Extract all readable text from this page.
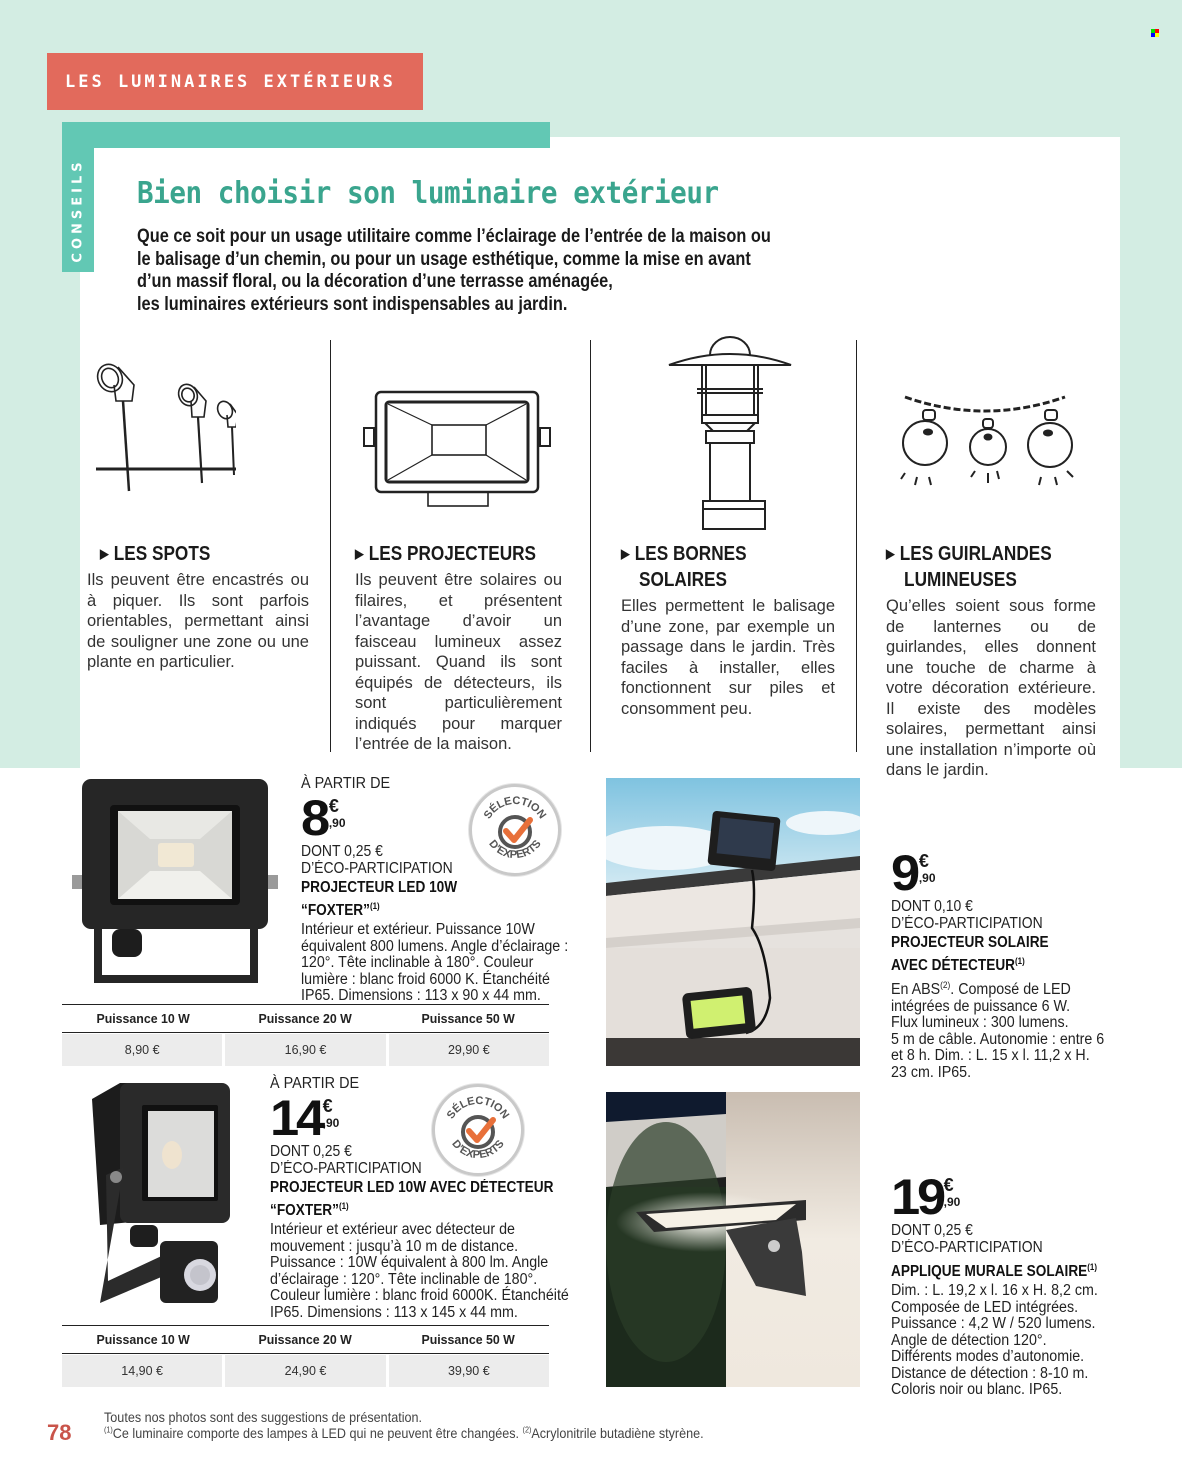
LES LUMINAIRES EXTÉRIEURS
CONSEILS Bien choisir son luminaire extérieur
Que ce soit pour un usage utilitaire comme l’éclairage de l’entrée de la maison ou
le balisage d’un chemin, ou pour un usage esthétique, comme la mise en avant
d’un massif floral, ou la décoration d’une terrasse aménagée,
les luminaires extérieurs sont indispensables au jardin.
▶ LES SPOTS
Ils peuvent être encastrés ou à piquer. Ils sont parfois orientables, permettant ainsi de souligner une zone ou une plante en particulier.
▶ LES PROJECTEURS
Ils peuvent être solaires ou filaires, et présentent l’avantage d’avoir un faisceau lumineux assez puissant. Quand ils sont équipés de détecteurs, ils sont particulièrement indiqués pour marquer l’entrée de la maison.
▶ LES BORNES
SOLAIRES
Elles permettent le balisage d’une zone, par exemple un passage dans le jardin. Très faciles à installer, elles fonctionnent sur piles et consomment peu.
▶ LES GUIRLANDES
LUMINEUSES
Qu’elles soient sous forme de lanternes ou de guirlandes, elles donnent une touche de charme à votre décoration extérieure. Il existe des modèles solaires, permettant ainsi une installation n’importe où dans le jardin.
À PARTIR DE
8 €
,90
DONT 0,25 €
D’ÉCO-PARTICIPATION
PROJECTEUR LED 10W
“FOXTER”$^{(1)}$
Intérieur et extérieur. Puissance 10W
équivalent 800 lumens. Angle d’éclairage :
120°. Tête inclinable à 180°. Couleur
lumière : blanc froid 6000 K. Étanchéité
IP65. Dimensions : 113 x 90 x 44 mm.
SÉLECTION
D’EXPERTS
Puissance 10 W	Puissance 20 W	Puissance 50 W
8,90 €	16,90 €	29,90 €
À PARTIR DE
14 €
,90
DONT 0,25 €
D’ÉCO-PARTICIPATION
PROJECTEUR LED 10W AVEC DÉTECTEUR
“FOXTER”$^{(1)}$
Intérieur et extérieur avec détecteur de
mouvement : jusqu’à 10 m de distance.
Puissance : 10W équivalent à 800 lm. Angle
d’éclairage : 120°. Tête inclinable de 180°.
Couleur lumière : blanc froid 6000K. Étanchéité
IP65. Dimensions : 113 x 145 x 44 mm.
SÉLECTION
D’EXPERTS
Puissance 10 W	Puissance 20 W	Puissance 50 W
14,90 €	24,90 €	39,90 €
9 €
,90
DONT 0,10 €
D’ÉCO-PARTICIPATION
PROJECTEUR SOLAIRE
AVEC DÉTECTEUR$^{(1)}$
En ABS$^{(2)}$. Composé de LED
intégrées de puissance 6 W.
Flux lumineux : 300 lumens.
5 m de câble. Autonomie : entre 6
et 8 h. Dim. : L. 15 x l. 11,2 x H.
23 cm. IP65.
19 €
,90
DONT 0,25 €
D’ÉCO-PARTICIPATION
APPLIQUE MURALE SOLAIRE$^{(1)}$
Dim. : L. 19,2 x l. 16 x H. 8,2 cm.
Composée de LED intégrées.
Puissance : 4,2 W / 520 lumens.
Angle de détection 120°.
Différents modes d’autonomie.
Distance de détection : 8-10 m.
Coloris noir ou blanc. IP65.
78
Toutes nos photos sont des suggestions de présentation.
$^{(1)}$Ce luminaire comporte des lampes à LED qui ne peuvent être changées. $^{(2)}$Acrylonitrile butadiène styrène.
